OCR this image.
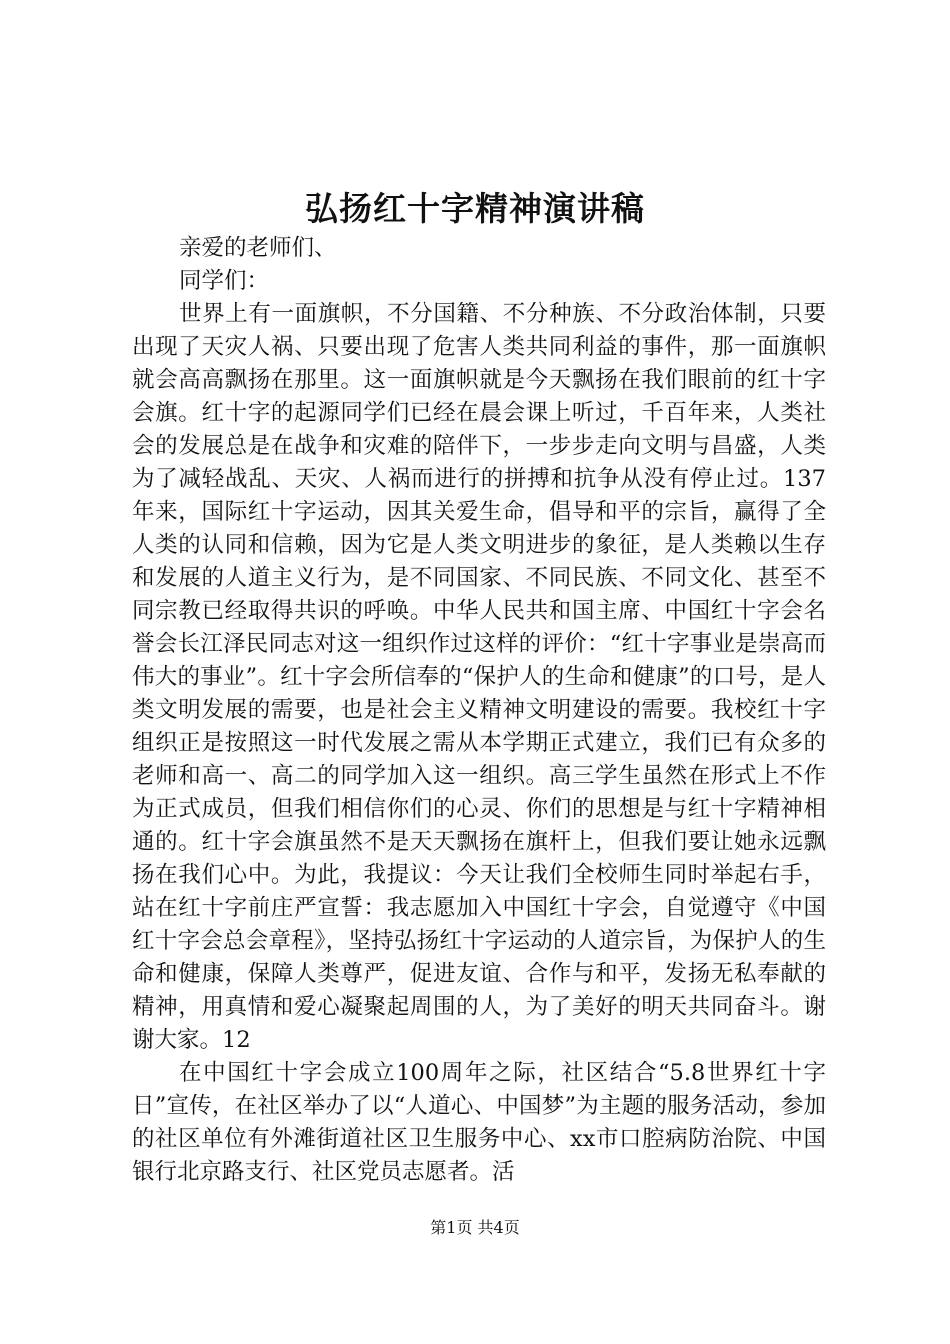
弘扬红十字精神演讲稿

亲爱的老师们、

同学们：

世界上有一面旗帜，不分国籍、不分种族、不分政治体制，只要出现了天灾人祸、只要出现了危害人类共同利益的事件，那一面旗帜就会高高飘扬在那里。这一面旗帜就是今天飘扬在我们眼前的红十字会旗。红十字的起源同学们已经在晨会课上听过，千百年来，人类社会的发展总是在战争和灾难的陪伴下，一步步走向文明与昌盛，人类为了减轻战乱、天灾、人祸而进行的拼搏和抗争从没有停止过。137年来，国际红十字运动，因其关爱生命，倡导和平的宗旨，赢得了全人类的认同和信赖，因为它是人类文明进步的象征，是人类赖以生存和发展的人道主义行为，是不同国家、不同民族、不同文化、甚至不同宗教已经取得共识的呼唤。中华人民共和国主席、中国红十字会名誉会长江泽民同志对这一组织作过这样的评价：“红十字事业是崇高而伟大的事业”。红十字会所信奉的“保护人的生命和健康”的口号，是人类文明发展的需要，也是社会主义精神文明建设的需要。我校红十字组织正是按照这一时代发展之需从本学期正式建立，我们已有众多的老师和高一、高二的同学加入这一组织。高三学生虽然在形式上不作为正式成员，但我们相信你们的心灵、你们的思想是与红十字精神相通的。红十字会旗虽然不是天天飘扬在旗杆上，但我们要让她永远飘扬在我们心中。为此，我提议：今天让我们全校师生同时举起右手，站在红十字前庄严宣誓：我志愿加入中国红十字会，自觉遵守《中国红十字会总会章程》，坚持弘扬红十字运动的人道宗旨，为保护人的生命和健康，保障人类尊严，促进友谊、合作与和平，发扬无私奉献的精神，用真情和爱心凝聚起周围的人，为了美好的明天共同奋斗。谢谢大家。12

在中国红十字会成立100周年之际，社区结合“5.8世界红十字日”宣传，在社区举办了以“人道心、中国梦”为主题的服务活动，参加的社区单位有外滩街道社区卫生服务中心、xx市口腔病防治院、中国银行北京路支行、社区党员志愿者。活

第1页 共4页
